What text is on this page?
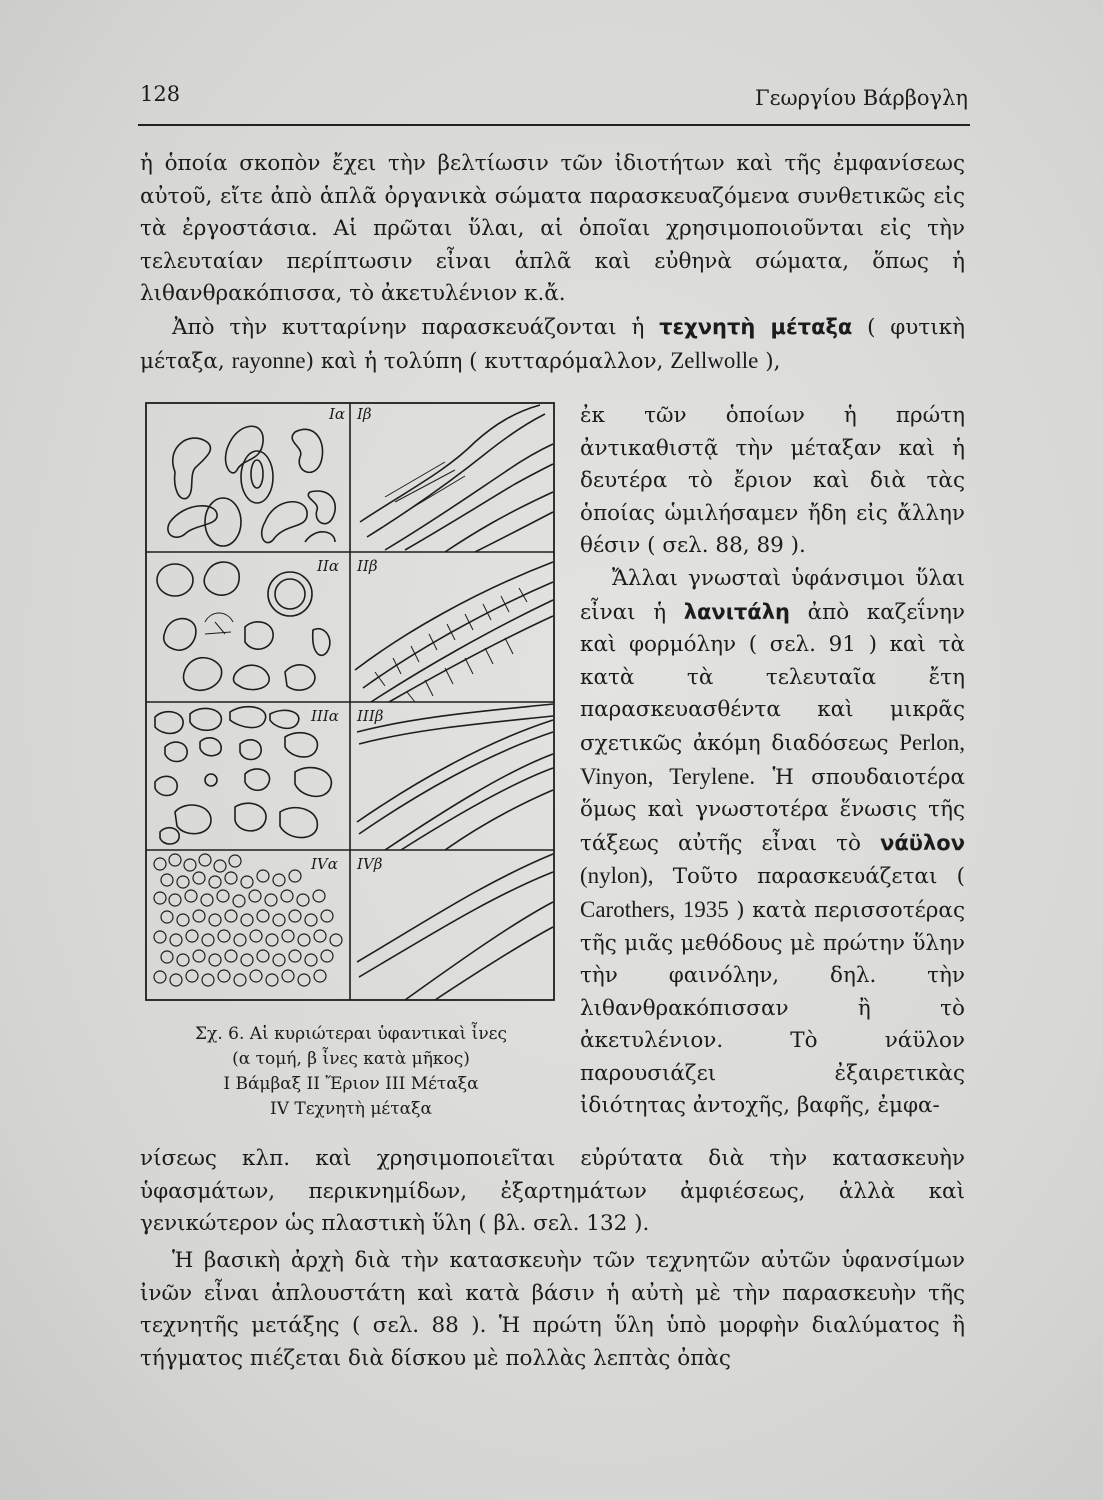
128	Γεωργίου Βάρβογλη

ἡ ὁποία σκοπὸν ἔχει τὴν βελτίωσιν τῶν ἰδιοτήτων καὶ τῆς ἐμφανίσεως αὐτοῦ, εἴτε ἀπὸ ἁπλᾶ ὀργανικὰ σώματα παρασκευαζόμενα συνθετικῶς εἰς τὰ ἐργοστάσια. Αἱ πρῶται ὕλαι, αἱ ὁποῖαι χρησιμοποιοῦνται εἰς τὴν τελευταίαν περίπτωσιν εἶναι ἁπλᾶ καὶ εὐθηνὰ σώματα, ὅπως ἡ λιθανθρακόπισσα, τὸ ἀκετυλένιον κ.ἄ.

Ἀπὸ τὴν κυτταρίνην παρασκευάζονται ἡ τεχνητὴ μέταξα ( φυτικὴ μέταξα, rayonne) καὶ ἡ τολύπη ( κυτταρόμαλλον, Zellwolle ),

Ια Ιβ
ΙΙα ΙΙβ
ΙΙΙα ΙΙΙβ
ΙVα ΙVβ
Σχ. 6. Αἱ κυριώτεραι ὑφαντικαὶ ἶνες
(α τομή, β ἶνες κατὰ μῆκος)
I Βάμβαξ II Ἔριον III Μέταξα
IV Τεχνητὴ μέταξα

ἐκ τῶν ὁποίων ἡ πρώτη ἀντικαθιστᾷ τὴν μέταξαν καὶ ἡ δευτέρα τὸ ἔριον καὶ διὰ τὰς ὁποίας ὡμιλήσαμεν ἤδη εἰς ἄλλην θέσιν ( σελ. 88, 89 ).

Ἄλλαι γνωσταὶ ὑφάνσιμοι ὕλαι εἶναι ἡ λανιτάλη ἀπὸ καζεΐνην καὶ φορμόλην ( σελ. 91 ) καὶ τὰ κατὰ τὰ τελευταῖα ἔτη παρασκευασθέντα καὶ μικρᾶς σχετικῶς ἀκόμη διαδόσεως Perlon, Vinyon, Terylene. Ἡ σπουδαιοτέρα ὅμως καὶ γνωστοτέρα ἕνωσις τῆς τάξεως αὐτῆς εἶναι τὸ νάϋλον (nylon), Τοῦτο παρασκευάζεται ( Carothers, 1935 ) κατὰ περισσοτέρας τῆς μιᾶς μεθόδους μὲ πρώτην ὕλην τὴν φαινόλην, δηλ. τὴν λιθανθρακόπισσαν ἢ τὸ ἀκετυλένιον. Τὸ νάϋλον παρουσιάζει ἐξαιρετικὰς ἰδιότητας ἀντοχῆς, βαφῆς, ἐμφα-

νίσεως κλπ. καὶ χρησιμοποιεῖται εὐρύτατα διὰ τὴν κατασκευὴν ὑφασμάτων, περικνημίδων, ἐξαρτημάτων ἀμφιέσεως, ἀλλὰ καὶ γενικώτερον ὡς πλαστικὴ ὕλη ( βλ. σελ. 132 ).

Ἡ βασικὴ ἀρχὴ διὰ τὴν κατασκευὴν τῶν τεχνητῶν αὐτῶν ὑφανσίμων ἰνῶν εἶναι ἁπλουστάτη καὶ κατὰ βάσιν ἡ αὐτὴ μὲ τὴν παρασκευὴν τῆς τεχνητῆς μετάξης ( σελ. 88 ). Ἡ πρώτη ὕλη ὑπὸ μορφὴν διαλύματος ἢ τήγματος πιέζεται διὰ δίσκου μὲ πολλὰς λεπτὰς ὀπὰς
